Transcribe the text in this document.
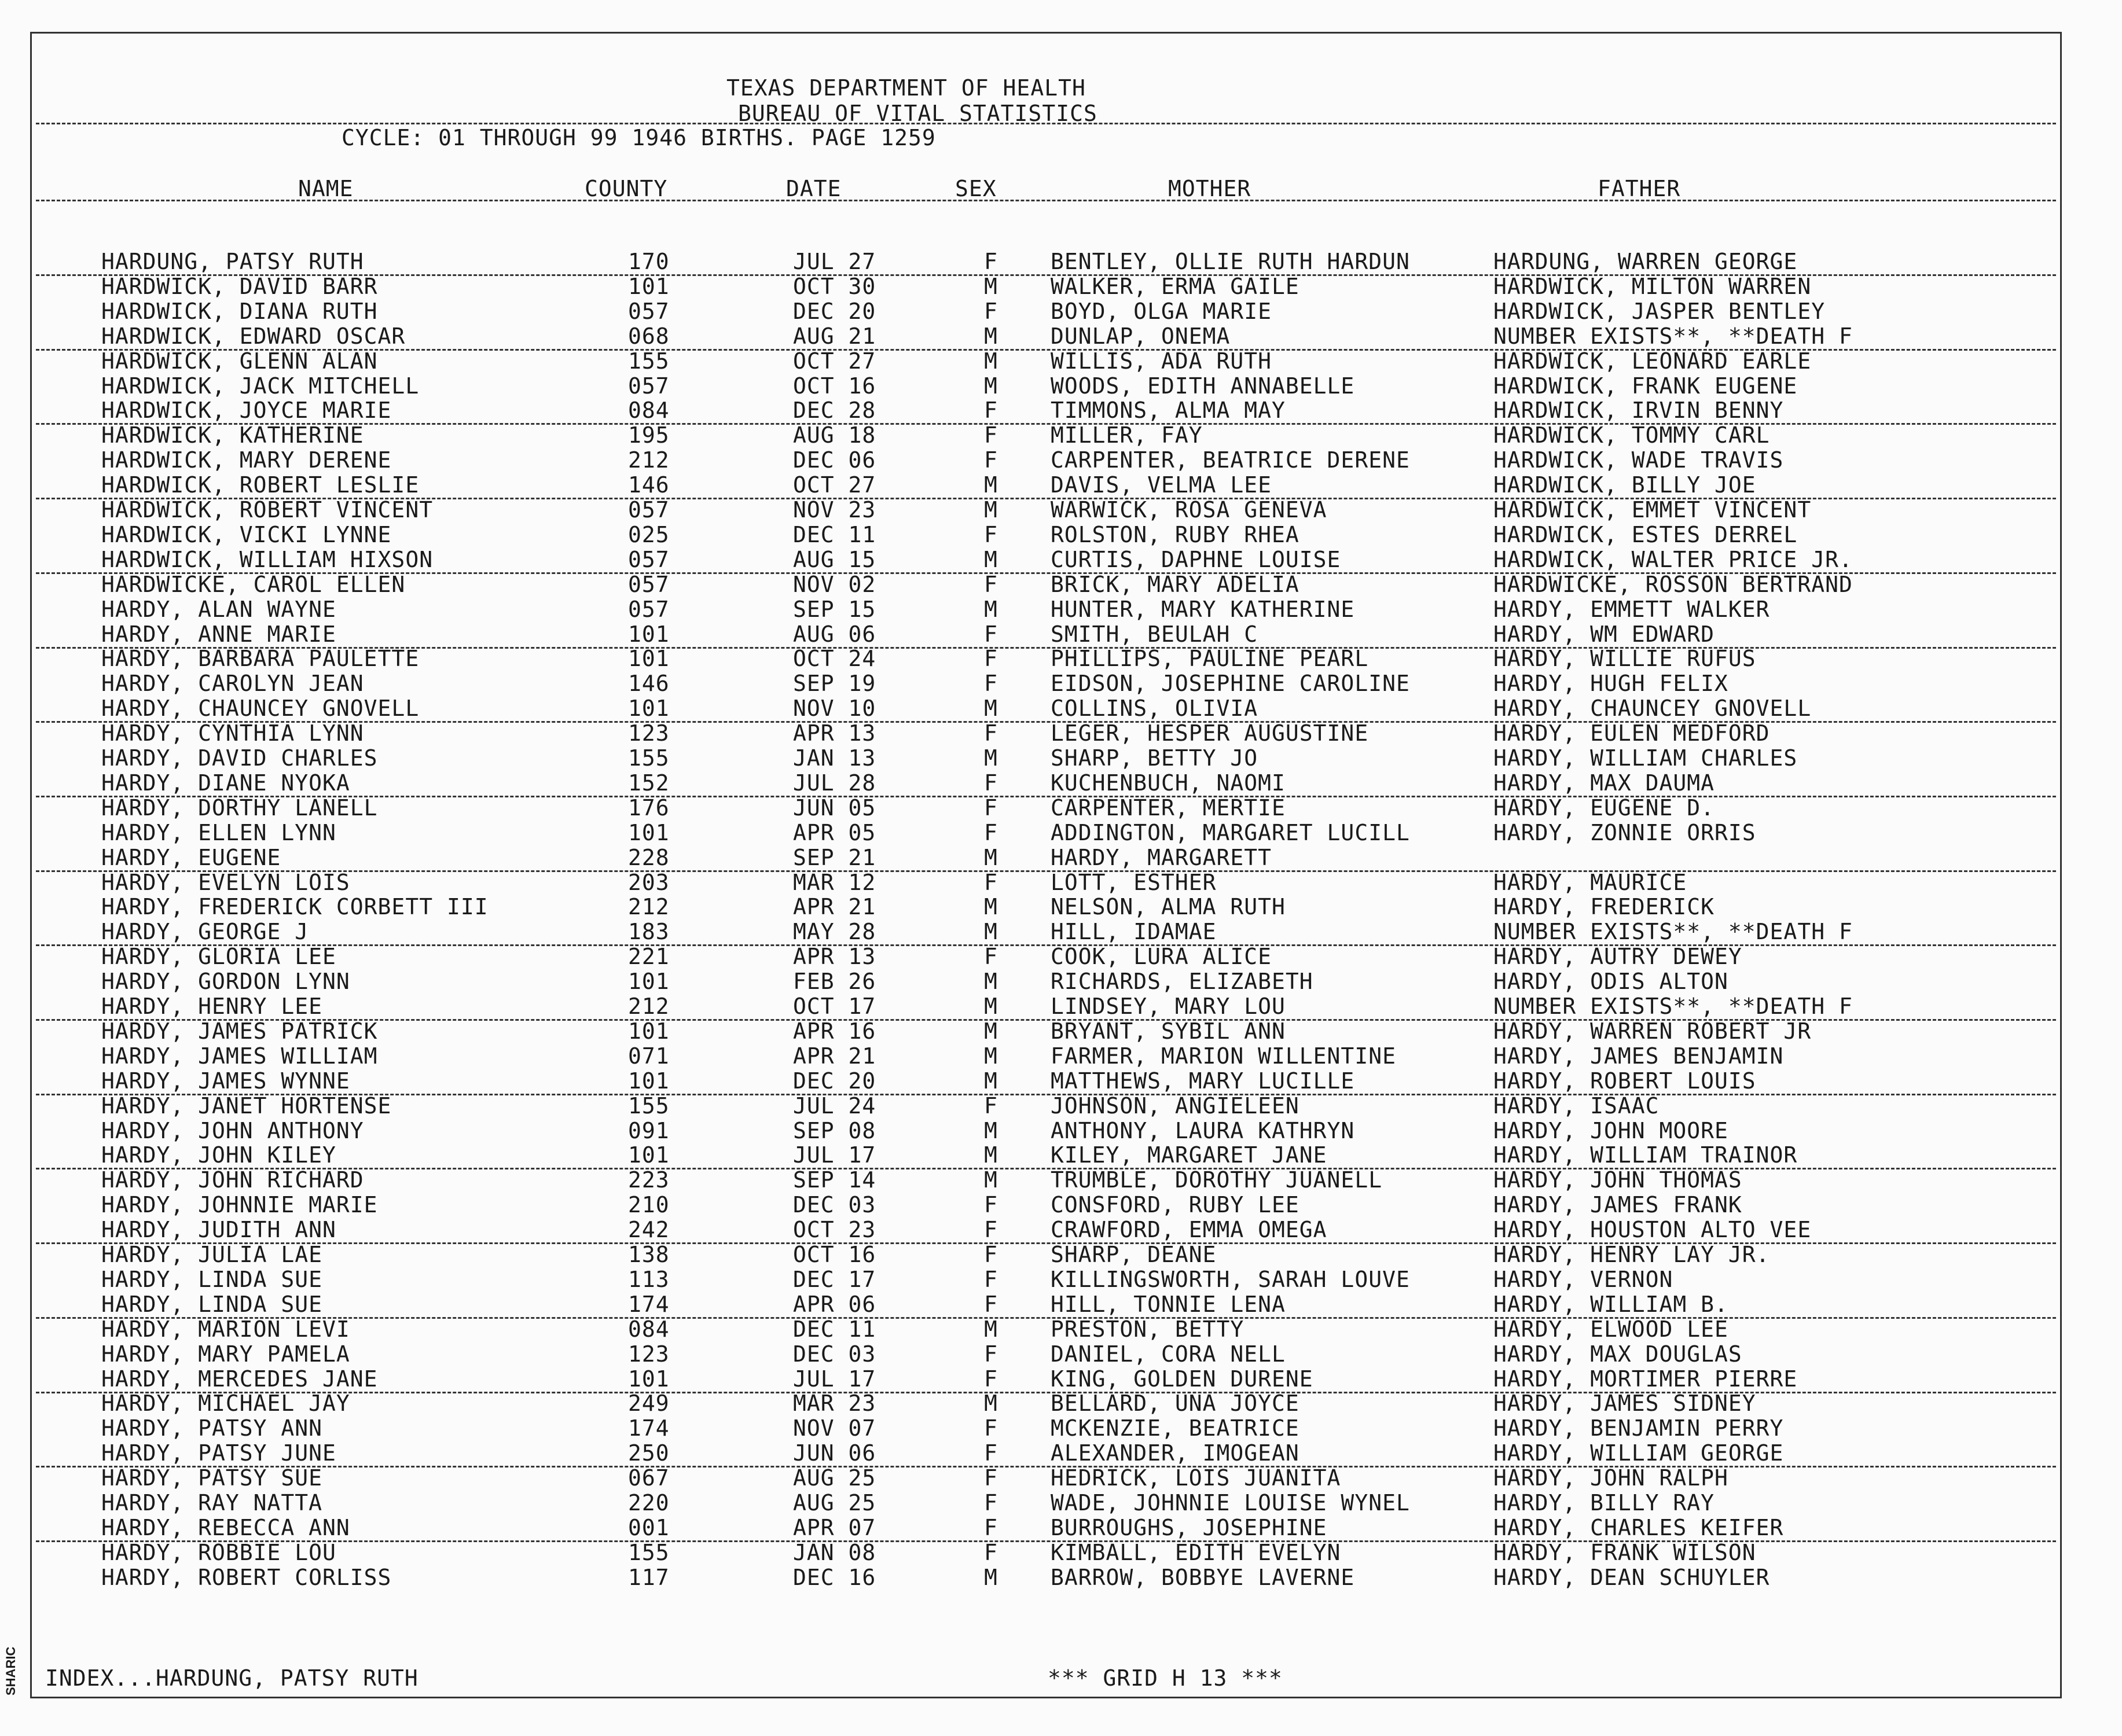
TEXAS DEPARTMENT OF HEALTH
BUREAU OF VITAL STATISTICS
CYCLE: 01 THROUGH 99 1946 BIRTHS. PAGE 1259
NAME	COUNTY	DATE	SEX	MOTHER	FATHER
HARDUNG, PATSY RUTH	170	JUL 27	F BENTLEY, OLLIE RUTH HARDUN	HARDUNG, WARREN GEORGE
HARDWICK, DAVID BARR	101	OCT 30	M WALKER, ERMA GAILE	HARDWICK, MILTON WARREN
HARDWICK, DIANA RUTH	057	DEC 20	F BOYD, OLGA MARIE	HARDWICK, JASPER BENTLEY
HARDWICK, EDWARD OSCAR	068	AUG 21	M DUNLAP, ONEMA	NUMBER EXISTS**, **DEATH F
HARDWICK, GLENN ALAN	155	OCT 27	M WILLIS, ADA RUTH	HARDWICK, LEONARD EARLE
HARDWICK, JACK MITCHELL	057	OCT 16	M WOODS, EDITH ANNABELLE	HARDWICK, FRANK EUGENE
HARDWICK, JOYCE MARIE	084	DEC 28	F TIMMONS, ALMA MAY	HARDWICK, IRVIN BENNY
HARDWICK, KATHERINE	195	AUG 18	F MILLER, FAY	HARDWICK, TOMMY CARL
HARDWICK, MARY DERENE	212	DEC 06	F CARPENTER, BEATRICE DERENE	HARDWICK, WADE TRAVIS
HARDWICK, ROBERT LESLIE	146	OCT 27	M DAVIS, VELMA LEE	HARDWICK, BILLY JOE
HARDWICK, ROBERT VINCENT	057	NOV 23	M WARWICK, ROSA GENEVA	HARDWICK, EMMET VINCENT
HARDWICK, VICKI LYNNE	025	DEC 11	F ROLSTON, RUBY RHEA	HARDWICK, ESTES DERREL
HARDWICK, WILLIAM HIXSON	057	AUG 15	M CURTIS, DAPHNE LOUISE	HARDWICK, WALTER PRICE JR.
HARDWICKE, CAROL ELLEN	057	NOV 02	F BRICK, MARY ADELIA	HARDWICKE, ROSSON BERTRAND
HARDY, ALAN WAYNE	057	SEP 15	M HUNTER, MARY KATHERINE	HARDY, EMMETT WALKER
HARDY, ANNE MARIE	101	AUG 06	F SMITH, BEULAH C	HARDY, WM EDWARD
HARDY, BARBARA PAULETTE	101	OCT 24	F PHILLIPS, PAULINE PEARL	HARDY, WILLIE RUFUS
HARDY, CAROLYN JEAN	146	SEP 19	F EIDSON, JOSEPHINE CAROLINE	HARDY, HUGH FELIX
HARDY, CHAUNCEY GNOVELL	101	NOV 10	M COLLINS, OLIVIA	HARDY, CHAUNCEY GNOVELL
HARDY, CYNTHIA LYNN	123	APR 13	F LEGER, HESPER AUGUSTINE	HARDY, EULEN MEDFORD
HARDY, DAVID CHARLES	155	JAN 13	M SHARP, BETTY JO	HARDY, WILLIAM CHARLES
HARDY, DIANE NYOKA	152	JUL 28	F KUCHENBUCH, NAOMI	HARDY, MAX DAUMA
HARDY, DORTHY LANELL	176	JUN 05	F CARPENTER, MERTIE	HARDY, EUGENE D.
HARDY, ELLEN LYNN	101	APR 05	F ADDINGTON, MARGARET LUCILL	HARDY, ZONNIE ORRIS
HARDY, EUGENE	228	SEP 21	M HARDY, MARGARETT
HARDY, EVELYN LOIS	203	MAR 12	F LOTT, ESTHER	HARDY, MAURICE
HARDY, FREDERICK CORBETT III	212	APR 21	M NELSON, ALMA RUTH	HARDY, FREDERICK
HARDY, GEORGE J	183	MAY 28	M HILL, IDAMAE	NUMBER EXISTS**, **DEATH F
HARDY, GLORIA LEE	221	APR 13	F COOK, LURA ALICE	HARDY, AUTRY DEWEY
HARDY, GORDON LYNN	101	FEB 26	M RICHARDS, ELIZABETH	HARDY, ODIS ALTON
HARDY, HENRY LEE	212	OCT 17	M LINDSEY, MARY LOU	NUMBER EXISTS**, **DEATH F
HARDY, JAMES PATRICK	101	APR 16	M BRYANT, SYBIL ANN	HARDY, WARREN ROBERT JR
HARDY, JAMES WILLIAM	071	APR 21	M FARMER, MARION WILLENTINE	HARDY, JAMES BENJAMIN
HARDY, JAMES WYNNE	101	DEC 20	M MATTHEWS, MARY LUCILLE	HARDY, ROBERT LOUIS
HARDY, JANET HORTENSE	155	JUL 24	F JOHNSON, ANGIELEEN	HARDY, ISAAC
HARDY, JOHN ANTHONY	091	SEP 08	M ANTHONY, LAURA KATHRYN	HARDY, JOHN MOORE
HARDY, JOHN KILEY	101	JUL 17	M KILEY, MARGARET JANE	HARDY, WILLIAM TRAINOR
HARDY, JOHN RICHARD	223	SEP 14	M TRUMBLE, DOROTHY JUANELL	HARDY, JOHN THOMAS
HARDY, JOHNNIE MARIE	210	DEC 03	F CONSFORD, RUBY LEE	HARDY, JAMES FRANK
HARDY, JUDITH ANN	242	OCT 23	F CRAWFORD, EMMA OMEGA	HARDY, HOUSTON ALTO VEE
HARDY, JULIA LAE	138	OCT 16	F SHARP, DEANE	HARDY, HENRY LAY JR.
HARDY, LINDA SUE	113	DEC 17	F KILLINGSWORTH, SARAH LOUVE	HARDY, VERNON
HARDY, LINDA SUE	174	APR 06	F HILL, TONNIE LENA	HARDY, WILLIAM B.
HARDY, MARION LEVI	084	DEC 11	M PRESTON, BETTY	HARDY, ELWOOD LEE
HARDY, MARY PAMELA	123	DEC 03	F DANIEL, CORA NELL	HARDY, MAX DOUGLAS
HARDY, MERCEDES JANE	101	JUL 17	F KING, GOLDEN DURENE	HARDY, MORTIMER PIERRE
HARDY, MICHAEL JAY	249	MAR 23	M BELLARD, UNA JOYCE	HARDY, JAMES SIDNEY
HARDY, PATSY ANN	174	NOV 07	F MCKENZIE, BEATRICE	HARDY, BENJAMIN PERRY
HARDY, PATSY JUNE	250	JUN 06	F ALEXANDER, IMOGEAN	HARDY, WILLIAM GEORGE
HARDY, PATSY SUE	067	AUG 25	F HEDRICK, LOIS JUANITA	HARDY, JOHN RALPH
HARDY, RAY NATTA	220	AUG 25	F WADE, JOHNNIE LOUISE WYNEL	HARDY, BILLY RAY
HARDY, REBECCA ANN	001	APR 07	F BURROUGHS, JOSEPHINE	HARDY, CHARLES KEIFER
HARDY, ROBBIE LOU	155	JAN 08	F KIMBALL, EDITH EVELYN	HARDY, FRANK WILSON
HARDY, ROBERT CORLISS	117	DEC 16	M BARROW, BOBBYE LAVERNE	HARDY, DEAN SCHUYLER
INDEX...HARDUNG, PATSY RUTH	*** GRID H 13 ***
SHARIC
